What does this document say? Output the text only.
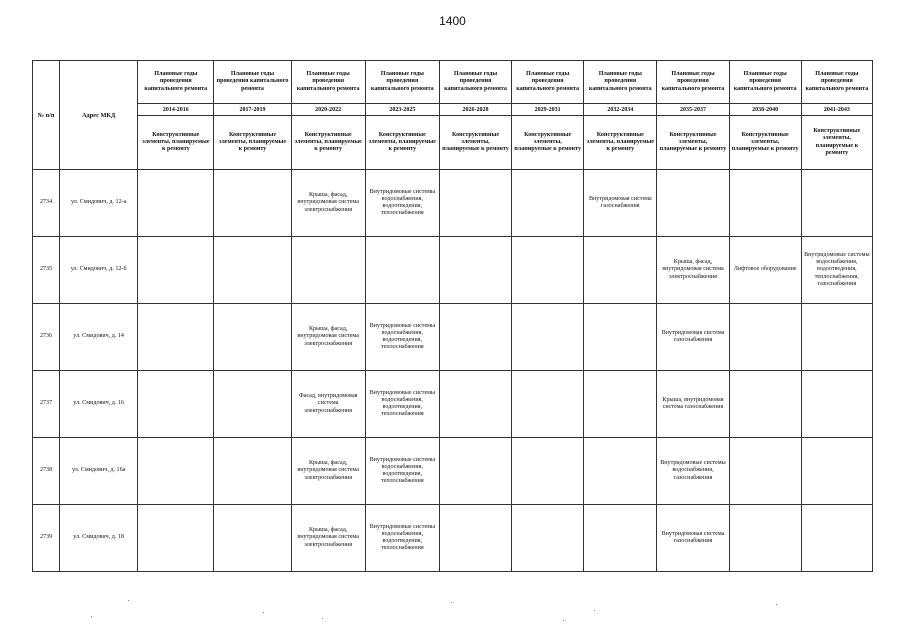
1400
№ п/п	Адрес МКД	Плановые годы проведения капитального ремонта	Плановые годы проведения капитального ремонта	Плановые годы проведения капитального ремонта	Плановые годы проведения капитального ремонта	Плановые годы проведения капитального ремонта	Плановые годы проведения капитального ремонта	Плановые годы проведения капитального ремонта	Плановые годы проведения капитального ремонта	Плановые годы проведения капитального ремонта	Плановые годы проведения капитального ремонта
		2014-2016	2017-2019	2020-2022	2023-2025	2026-2028	2029-2031	2032-2034	2035-2037	2038-2040	2041-2043
		Конструктивные элементы, планируемые к ремонту	Конструктивные элементы, планируемые к ремонту	Конструктивные элементы, планируемые к ремонту	Конструктивные элементы, планируемые к ремонту	Конструктивные элементы, планируемые к ремонту	Конструктивные элементы, планируемые к ремонту	Конструктивные элементы, планируемые к ремонту	Конструктивные элементы, планируемые к ремонту	Конструктивные элементы, планируемые к ремонту	Конструктивные элементы, планируемые к ремонту
2734	ул. Смидович, д. 12-а			Крыша, фасад, внутридомовая система электроснабжения	Внутридомовые системы водоснабжения, водоотведения, теплоснабжения			Внутридомовая система газоснабжения			
2735	ул. Смидович, д. 12-б								Крыша, фасад, внутридомовая система электроснабжения	Лифтовое оборудование	Внутридомовые системы водоснабжения, водоотведения, теплоснабжения, газоснабжения
2736	ул. Смидович, д. 14			Крыша, фасад, внутридомовая система электроснабжения	Внутридомовые системы водоснабжения, водоотведения, теплоснабжения				Внутридомовая система газоснабжения		
2737	ул. Смидович, д. 16			Фасад, внутридомовая система электроснабжения	Внутридомовые системы водоснабжения, водоотведения, теплоснабжения				Крыша, внутридомовая система газоснабжения		
2738	ул. Смидович, д. 16а			Крыша, фасад, внутридомовая система электроснабжения	Внутридомовые системы водоснабжения, водоотведения, теплоснабжения				Внутридомовые системы водоснабжения, газоснабжения		
2739	ул. Смидович, д. 18			Крыша, фасад, внутридомовая система электроснабжения	Внутридомовые системы водоснабжения, водоотведения, теплоснабжения				Внутридомовая система газоснабжения		
